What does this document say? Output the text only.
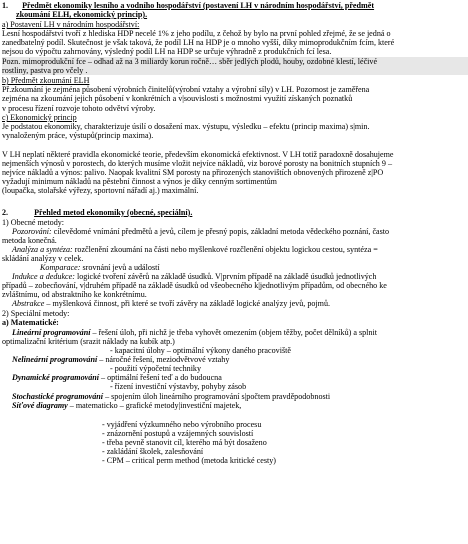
1. Předmět ekonomiky lesního a vodního hospodářství (postavení LH v národním hospodářství, předmět
zkoumání ELH, ekonomický princip).
a) Postavení LH v národním hospodářství:
Lesní hospodářství tvoří z hlediska HDP necelé 1% z jeho podílu, z čehož by bylo na první pohled zřejmé, že se jedná o
zanedbatelný podíl. Skutečnost je však taková, že podíl LH na HDP je o mnoho vyšší, díky mimoprodukčním fcím, které
nejsou do výpočtu zahrnovány, výsledný podíl LH na HDP se určuje výhradně z produkčních fcí lesa.
Pozn. mimoprodukční fce – odhad až na 3 miliardy korun ročně… sběr jedlých plodů, houby, ozdobné klestí, léčivé
rostliny, pastva pro včely .
b) Předmět zkoumání ELH
Př.zkoumání je zejména působení výrobních činitelů(výrobní vztahy a výrobní síly) v LH. Pozornost je zaměřena
zejména na zkoumání jejich působení v konkrétních a v|souvislosti s možnostmi využití získaných poznatků
v procesu řízení rozvoje tohoto odvětví výroby.
c) Ekonomický princip
Je podstatou ekonomiky, charakterizuje úsilí o dosažení max. výstupu, výsledku – efektu (princip maxima) s|min.
vynaloženým práce, výstupů(princip maxima).
V LH neplatí některé pravidla ekonomické teorie, především ekonomická efektivnost. V LH totiž paradoxně dosahujeme
nejmenších výnosů v porostech, do kterých musíme vložit nejvíce nákladů, viz borové porosty na bonitních stupních 9 –
nejvíce nákladů a výnos: palivo. Naopak kvalitní SM porosty na přirozených stanovištích obnovených přirozeně z|PO
vyžadují minimum nákladů na pěstební činnost a výnos je díky cenným sortimentům
(loupačka, stolařské výřezy, sportovní nářadí aj.) maximální.
2.	Přehled metod ekonomiky (obecné, speciální).
1) Obecné metody:
Pozorování: cílevědomé vnímání předmětů a jevů, cílem je přesný popis, základní metoda vědeckého poznání, často
metoda konečná.
Analýza a syntéza: rozčlenění zkoumání na části nebo myšlenkové rozčlenění objektu logickou cestou, syntéza =
skládání analýzy v celek.
Komparace: srovnání jevů a událostí
Indukce a dedukce: logické tvoření závěrů na základě úsudků. V|prvním případě na základě úsudků jednotlivých
případů – zobecňování, v|druhém případě na základě úsudků od všeobecného k|jednotlivým případům, od obecného ke
zvláštnímu, od abstraktního ke konkrétnímu.
Abstrakce – myšlenková činnost, při které se tvoří závěry na základě logické analýzy jevů, pojmů.
2) Speciální metody:
a) Matematické:
Lineární programování – řešení úloh, při nichž je třeba vyhovět omezením (objem těžby, počet dělníků) a splnit
optimalizační kritérium (srazit náklady na kubík atp.)
- kapacitní úlohy – optimální výkony daného pracoviště
Nelineární programování – náročné řešení, meziodvětvové vztahy
- použití výpočetní techniky
Dynamické programování – optimální řešení teď a do budoucna
- řízení investiční výstavby, pohyby zásob
Stochastické programování – spojením úloh lineárního programování s|počtem pravděpodobnosti
Síťové diagramy – matematicko – grafické metody|investiční majetek,
- vyjádření výzkumného nebo výrobního procesu
- znázornění postupů a vzájemných souvislostí
- třeba pevně stanovit cíl, kterého má být dosaženo
- zakládání školek, zalesňování
- CPM – critical perm method (metoda kritické cesty)
